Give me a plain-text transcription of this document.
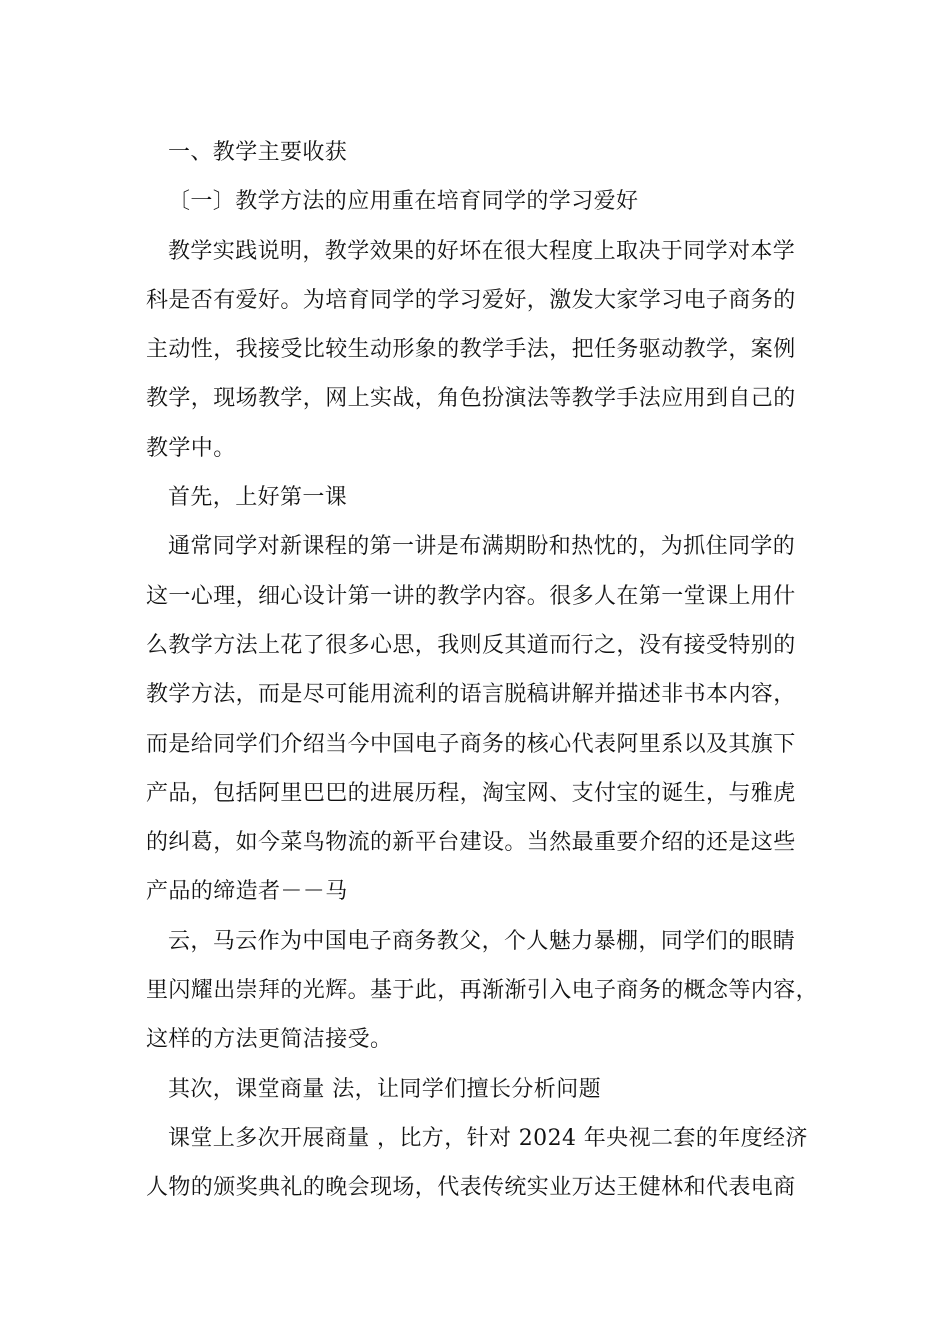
一、教学主要收获
〔一〕教学方法的应用重在培育同学的学习爱好
教学实践说明，教学效果的好坏在很大程度上取决于同学对本学
科是否有爱好。为培育同学的学习爱好，激发大家学习电子商务的
主动性，我接受比较生动形象的教学手法，把任务驱动教学，案例
教学，现场教学，网上实战，角色扮演法等教学手法应用到自己的
教学中。
首先，上好第一课
通常同学对新课程的第一讲是布满期盼和热忱的，为抓住同学的
这一心理，细心设计第一讲的教学内容。很多人在第一堂课上用什
么教学方法上花了很多心思，我则反其道而行之，没有接受特别的
教学方法，而是尽可能用流利的语言脱稿讲解并描述非书本内容，
而是给同学们介绍当今中国电子商务的核心代表阿里系以及其旗下
产品，包括阿里巴巴的进展历程，淘宝网、支付宝的诞生，与雅虎
的纠葛，如今菜鸟物流的新平台建设。当然最重要介绍的还是这些
产品的缔造者－－马
云，马云作为中国电子商务教父，个人魅力暴棚，同学们的眼睛
里闪耀出崇拜的光辉。基于此，再渐渐引入电子商务的概念等内容，
这样的方法更简洁接受。
其次，课堂商量 法，让同学们擅长分析问题
课堂上多次开展商量 ，比方，针对 2024 年央视二套的年度经济
人物的颁奖典礼的晚会现场，代表传统实业万达王健林和代表电商
